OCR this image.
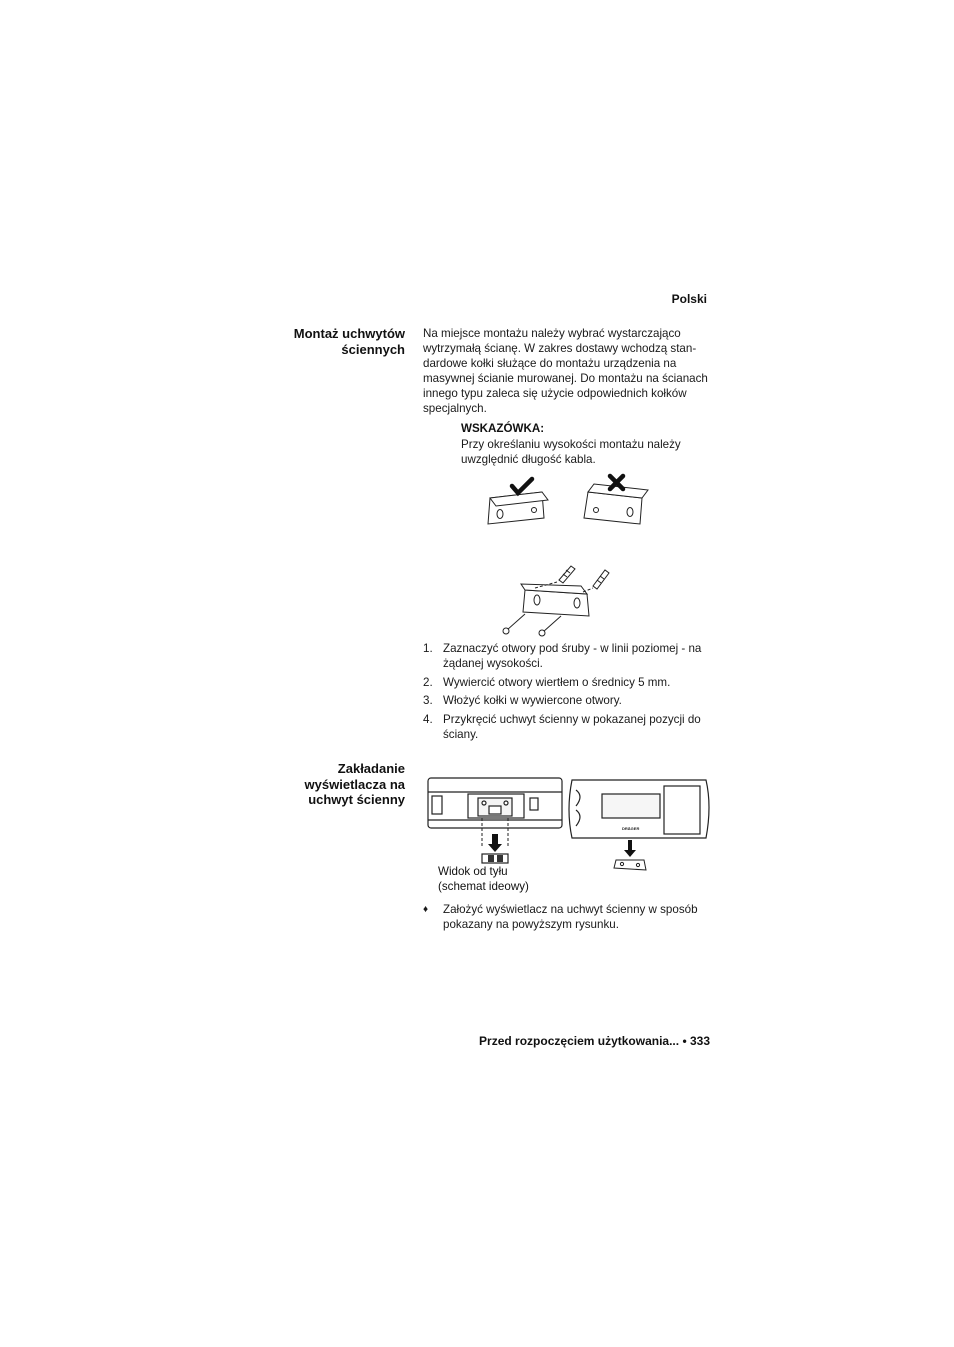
Polski
Montaż uchwytów
ściennych
Na miejsce montażu należy wybrać wystarczająco
wytrzymałą ścianę. W zakres dostawy wchodzą stan-
dardowe kołki służące do montażu urządzenia na
masywnej ścianie murowanej. Do montażu na ścianach
innego typu zaleca się użycie odpowiednich kołków
specjalnych.
WSKAZÓWKA:
Przy określaniu wysokości montażu należy
uwzględnić długość kabla.
1. Zaznaczyć otwory pod śruby - w linii poziomej - na
żądanej wysokości.
2. Wywiercić otwory wiertłem o średnicy 5 mm.
3. Włożyć kołki w wywiercone otwory.
4. Przykręcić uchwyt ścienny w pokazanej pozycji do
ściany.
Zakładanie
wyświetlacza na
uchwyt ścienny
DRÄGER
Widok od tyłu
(schemat ideowy)
♦	Założyć wyświetlacz na uchwyt ścienny w sposób
pokazany na powyższym rysunku.
Przed rozpoczęciem użytkowania... • 333
